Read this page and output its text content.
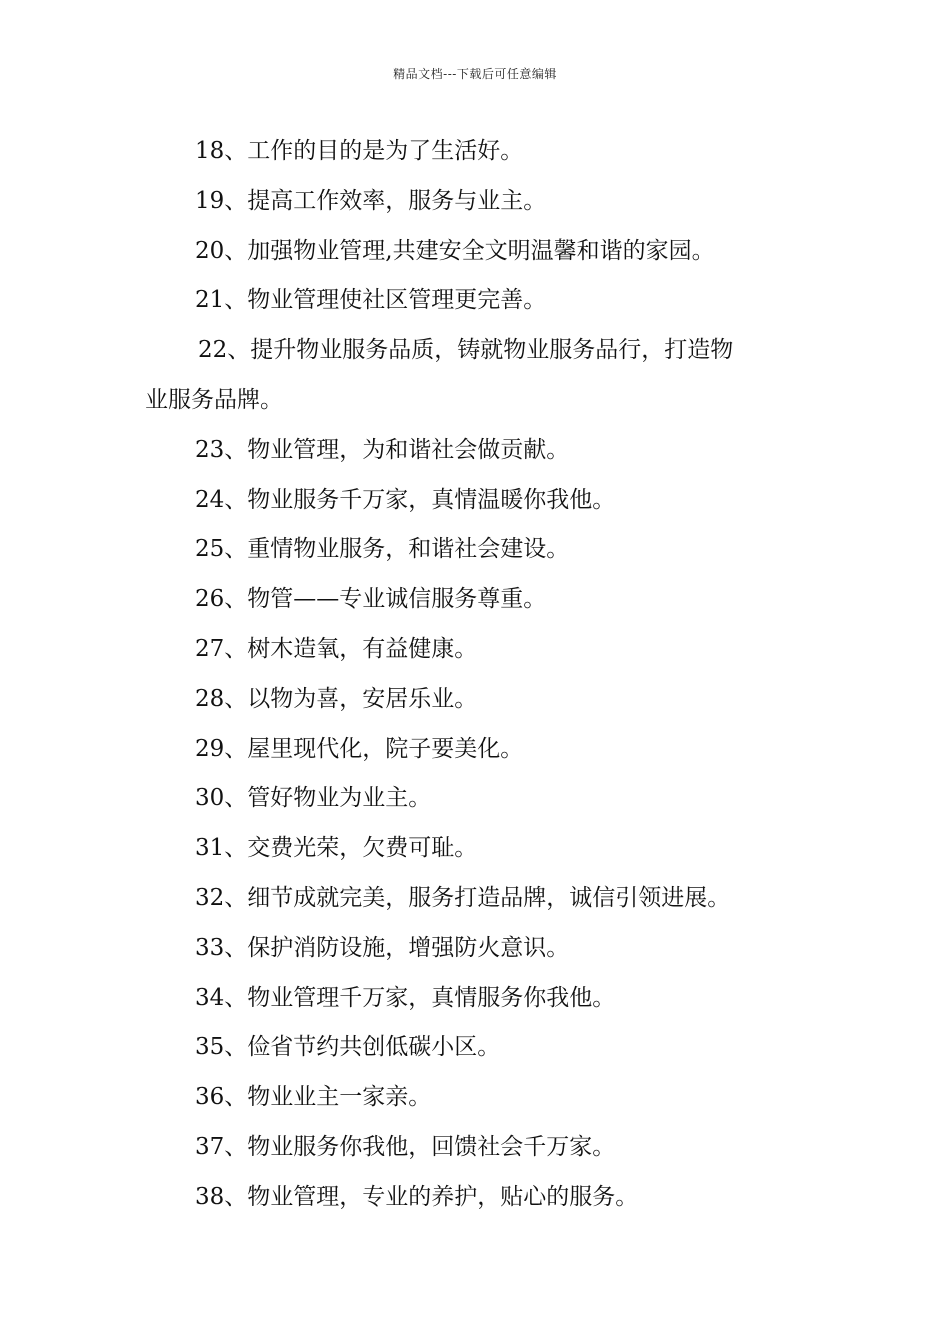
精品文档---下载后可任意编辑
18、工作的目的是为了生活好。
19、提高工作效率，服务与业主。
20、加强物业管理,共建安全文明温馨和谐的家园。
21、物业管理使社区管理更完善。
22、提升物业服务品质，铸就物业服务品行，打造物
业服务品牌。
23、物业管理，为和谐社会做贡献。
24、物业服务千万家，真情温暖你我他。
25、重情物业服务，和谐社会建设。
26、物管——专业诚信服务尊重。
27、树木造氧，有益健康。
28、以物为喜，安居乐业。
29、屋里现代化，院子要美化。
30、管好物业为业主。
31、交费光荣，欠费可耻。
32、细节成就完美，服务打造品牌，诚信引领进展。
33、保护消防设施，增强防火意识。
34、物业管理千万家，真情服务你我他。
35、俭省节约共创低碳小区。
36、物业业主一家亲。
37、物业服务你我他，回馈社会千万家。
38、物业管理，专业的养护，贴心的服务。
